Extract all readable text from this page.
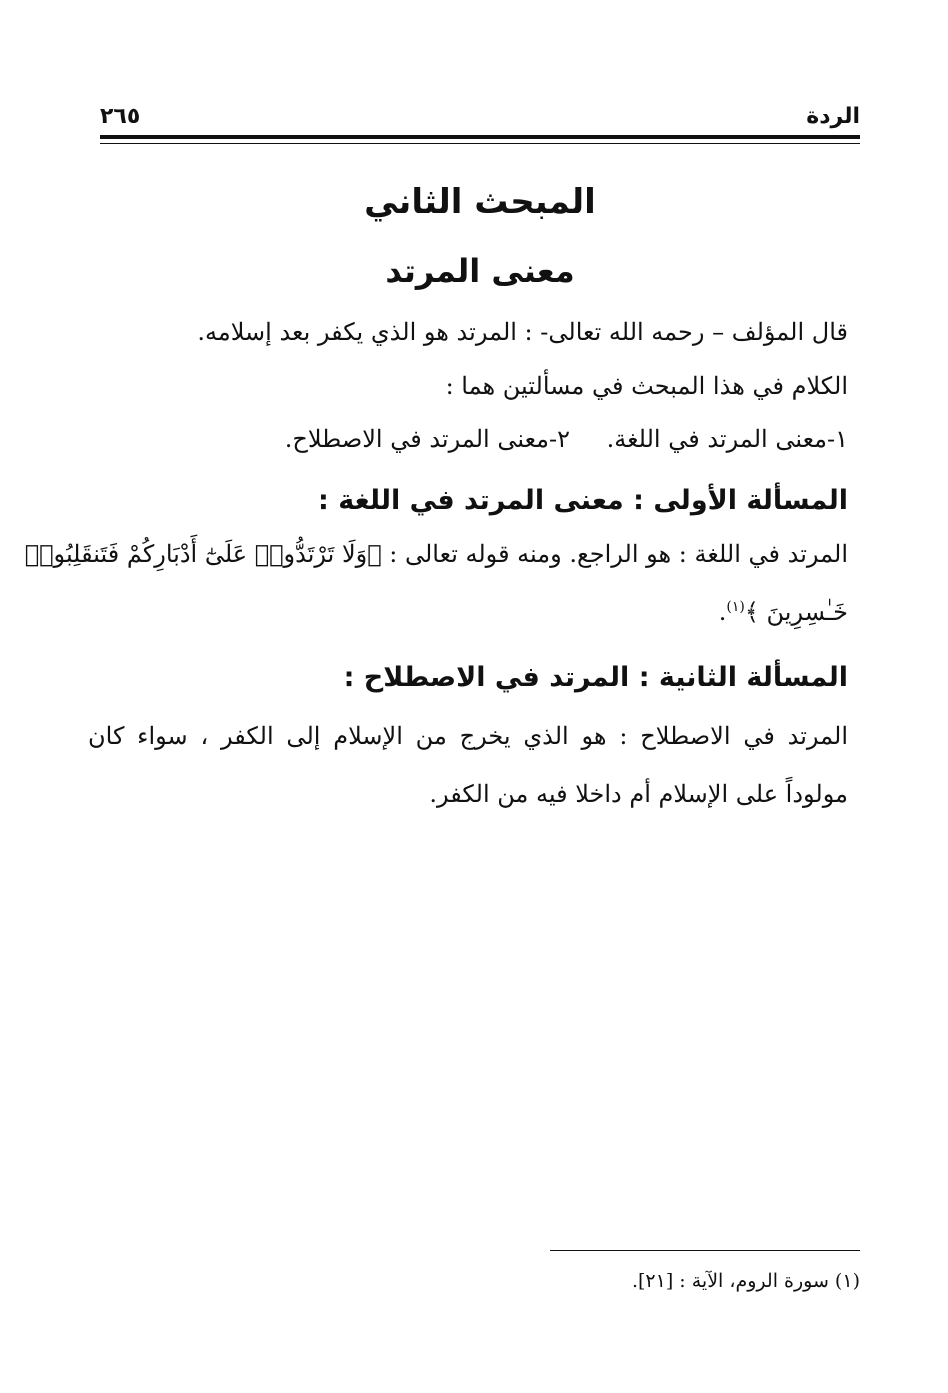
الردة
٢٦٥
المبحث الثاني
معنى المرتد
قال المؤلف – رحمه الله تعالى- : المرتد هو الذي يكفر بعد إسلامه.
الكلام في هذا المبحث في مسألتين هما :
١-معنى المرتد في اللغة.
٢-معنى المرتد في الاصطلاح.
المسألة الأولى : معنى المرتد في اللغة :
المرتد في اللغة : هو الراجع. ومنه قوله تعالى : ﴿وَلَا تَرْتَدُّوا۟ عَلَىٰٓ أَدْبَارِكُمْ فَتَنقَلِبُوا۟
خَـٰسِرِينَ ﴾$^{(١)}$.
المسألة الثانية : المرتد في الاصطلاح :
المرتد في الاصطلاح : هو الذي يخرج من الإسلام إلى الكفر ، سواء كان
مولوداً على الإسلام أم داخلا فيه من الكفر.
(١) سورة الروم، الآية : [٢١].
